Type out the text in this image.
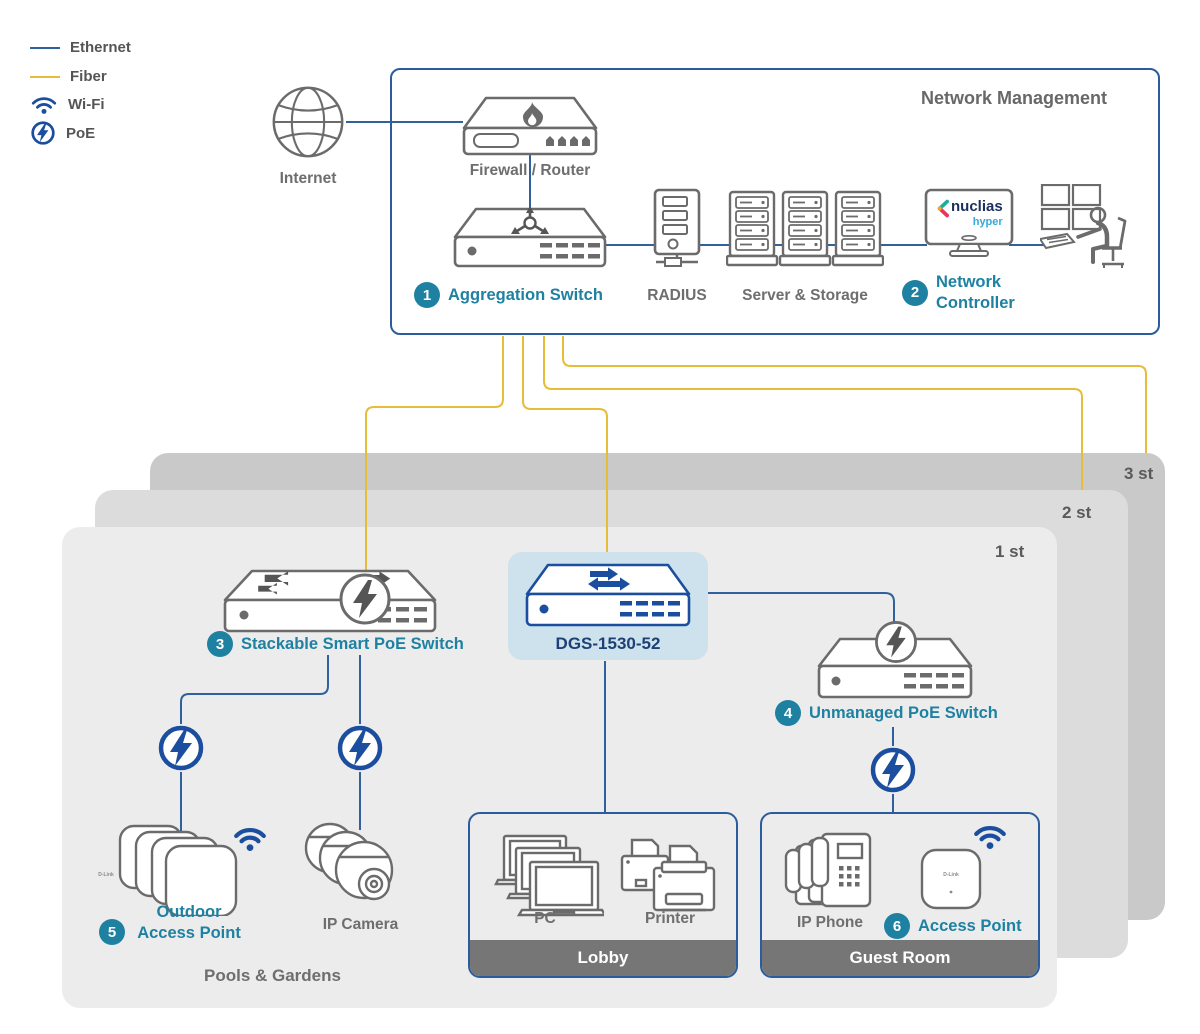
Ethernet
Fiber
Wi-Fi
PoE
3 st
2 st
1 st
Network Management
Internet	Firewall / Router
1	Aggregation Switch	RADIUS	Server & Storage
nuclias
hyper
2
Network
Controller
3	Stackable Smart PoE Switch	DGS-1530-52
4	Unmanaged PoE Switch
D-Link
5
Outdoor
Access Point	IP Camera
Lobby
PC	Printer
Guest Room
IP Phone
D-Link
6	Access Point
Pools & Gardens
